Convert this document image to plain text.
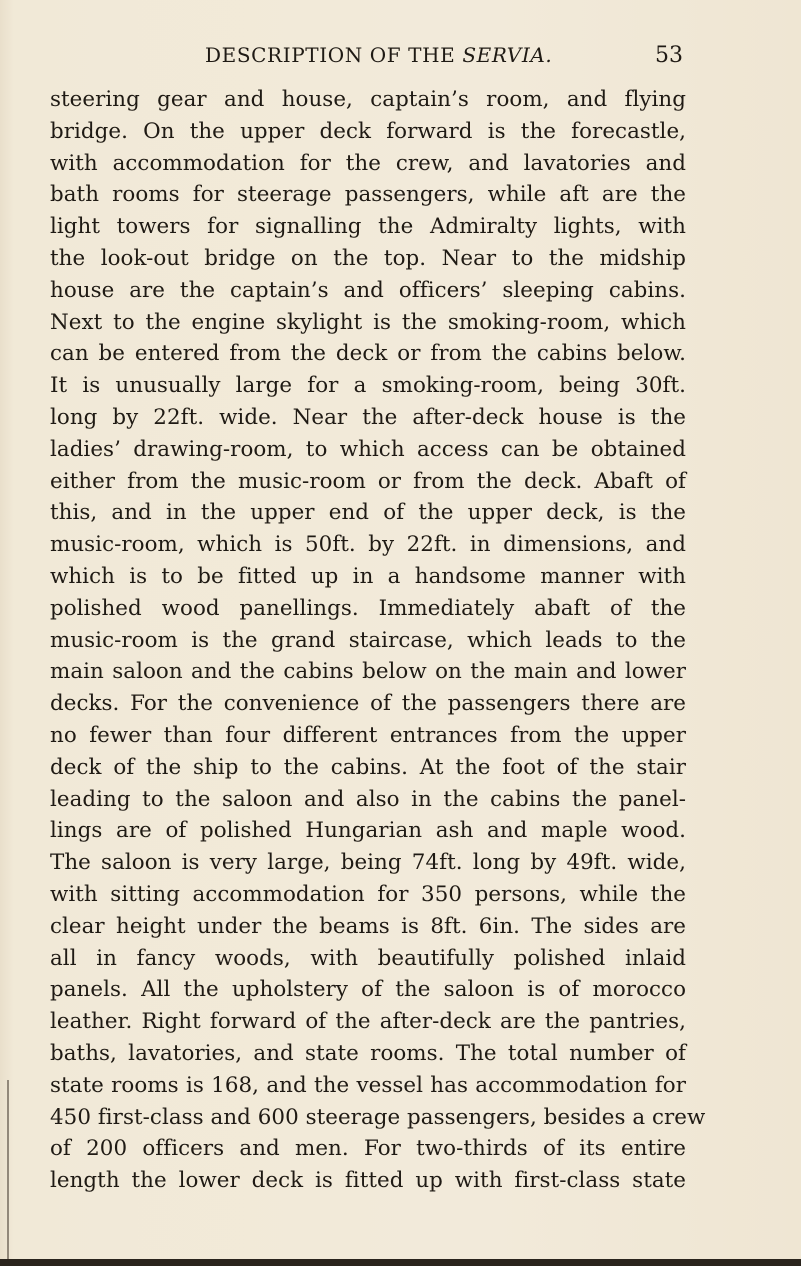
DESCRIPTION OF THE SERVIA.	53
steering gear and house, captain’s room, and flying
bridge. On the upper deck forward is the forecastle,
with accommodation for the crew, and lavatories and
bath rooms for steerage passengers, while aft are the
light towers for signalling the Admiralty lights, with
the look-out bridge on the top. Near to the midship
house are the captain’s and officers’ sleeping cabins.
Next to the engine skylight is the smoking-room, which
can be entered from the deck or from the cabins below.
It is unusually large for a smoking-room, being 30ft.
long by 22ft. wide. Near the after-deck house is the
ladies’ drawing-room, to which access can be obtained
either from the music-room or from the deck. Abaft of
this, and in the upper end of the upper deck, is the
music-room, which is 50ft. by 22ft. in dimensions, and
which is to be fitted up in a handsome manner with
polished wood panellings. Immediately abaft of the
music-room is the grand staircase, which leads to the
main saloon and the cabins below on the main and lower
decks. For the convenience of the passengers there are
no fewer than four different entrances from the upper
deck of the ship to the cabins. At the foot of the stair
leading to the saloon and also in the cabins the panel-
lings are of polished Hungarian ash and maple wood.
The saloon is very large, being 74ft. long by 49ft. wide,
with sitting accommodation for 350 persons, while the
clear height under the beams is 8ft. 6in. The sides are
all in fancy woods, with beautifully polished inlaid
panels. All the upholstery of the saloon is of morocco
leather. Right forward of the after-deck are the pantries,
baths, lavatories, and state rooms. The total number of
state rooms is 168, and the vessel has accommodation for
450 first-class and 600 steerage passengers, besides a crew
of 200 officers and men. For two-thirds of its entire
length the lower deck is fitted up with first-class state
